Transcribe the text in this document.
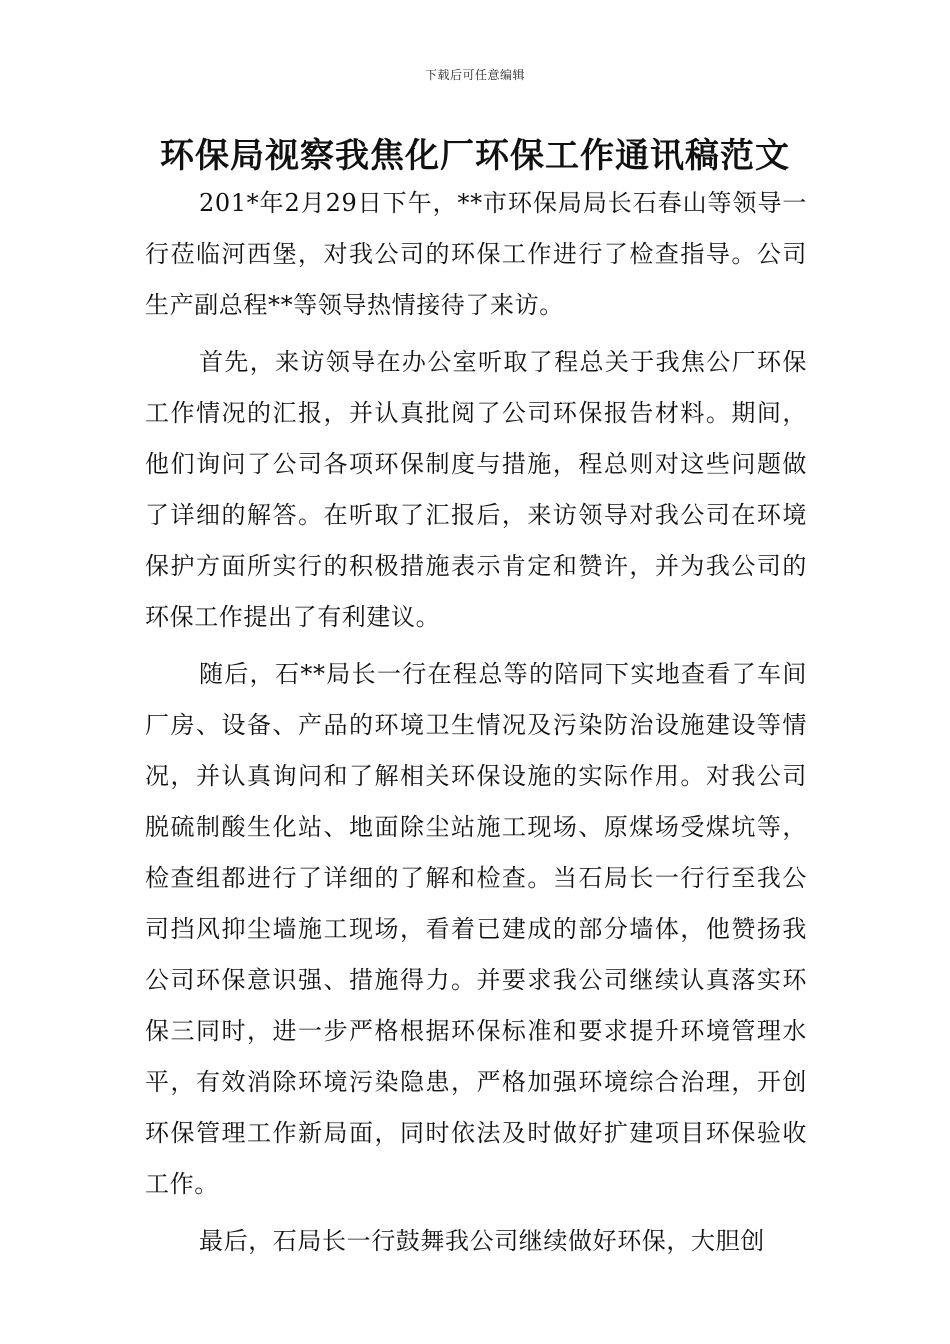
下载后可任意编辑
环保局视察我焦化厂环保工作通讯稿范文

201*年2月29日下午，**市环保局局长石春山等领导一行莅临河西堡，对我公司的环保工作进行了检查指导。公司生产副总程**等领导热情接待了来访。

首先，来访领导在办公室听取了程总关于我焦公厂环保工作情况的汇报，并认真批阅了公司环保报告材料。期间，他们询问了公司各项环保制度与措施，程总则对这些问题做了详细的解答。在听取了汇报后，来访领导对我公司在环境保护方面所实行的积极措施表示肯定和赞许，并为我公司的环保工作提出了有利建议。

随后，石**局长一行在程总等的陪同下实地查看了车间厂房、设备、产品的环境卫生情况及污染防治设施建设等情况，并认真询问和了解相关环保设施的实际作用。对我公司脱硫制酸生化站、地面除尘站施工现场、原煤场受煤坑等，检查组都进行了详细的了解和检查。当石局长一行行至我公司挡风抑尘墙施工现场，看着已建成的部分墙体，他赞扬我公司环保意识强、措施得力。并要求我公司继续认真落实环保三同时，进一步严格根据环保标准和要求提升环境管理水平，有效消除环境污染隐患，严格加强环境综合治理，开创环保管理工作新局面，同时依法及时做好扩建项目环保验收工作。

最后，石局长一行鼓舞我公司继续做好环保，大胆创
